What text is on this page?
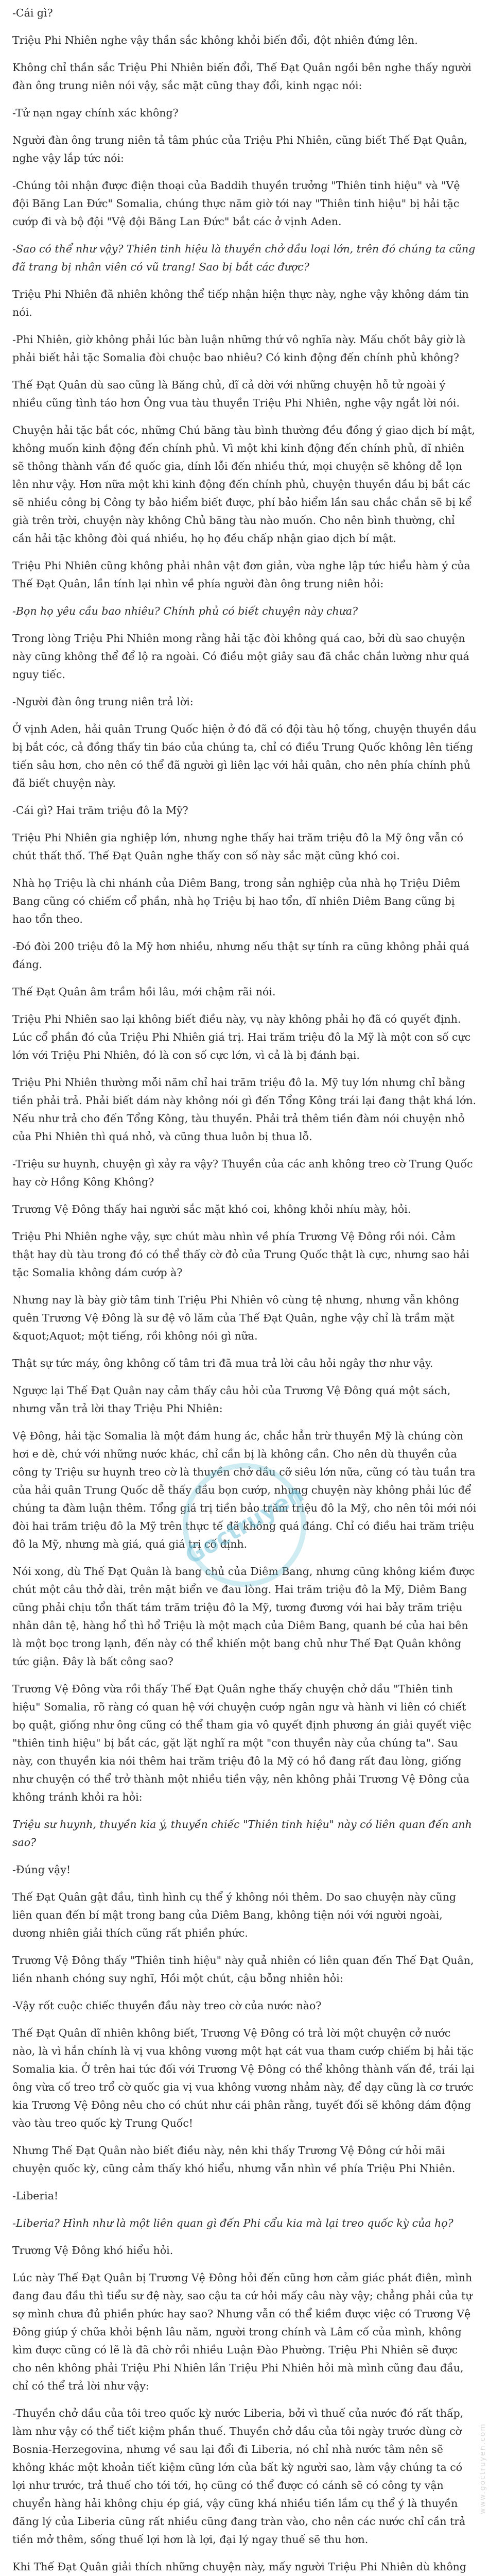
-Cái gì?

Triệu Phi Nhiên nghe vậy thần sắc không khỏi biến đổi, đột nhiên đứng lên.

Không chỉ thần sắc Triệu Phi Nhiên biến đổi, Thế Đạt Quân ngồi bên nghe thấy người đàn ông trung niên nói vậy, sắc mặt cũng thay đổi, kinh ngạc nói:

-Tử nạn ngay chính xác không?

Người đàn ông trung niên tả tâm phúc của Triệu Phi Nhiên, cũng biết Thế Đạt Quân, nghe vậy lắp tức nói:

-Chúng tôi nhận được điện thoại của Baddih thuyền trưởng "Thiên tinh hiệu" và "Vệ đội Băng Lan Đức" Somalia, chúng thực năm giờ tới nay "Thiên tinh hiệu" bị hải tặc cướp đi và bộ đội "Vệ đội Băng Lan Đức" bắt các ở vịnh Aden.

-Sao có thể như vậy? Thiên tinh hiệu là thuyền chở dầu loại lớn, trên đó chúng ta cũng đã trang bị nhân viên có vũ trang! Sao bị bắt các được?

Triệu Phi Nhiên đã nhiên không thể tiếp nhận hiện thực này, nghe vậy không dám tin nói.

-Phi Nhiên, giờ không phải lúc bàn luận những thứ vô nghĩa này. Mấu chốt bây giờ là phải biết hải tặc Somalia đòi chuộc bao nhiêu? Có kinh động đến chính phủ không?

Thế Đạt Quân dù sao cũng là Băng chủ, dĩ cả dời với những chuyện hỗ tử ngoài ý nhiều cũng tình táo hơn Ông vua tàu thuyền Triệu Phi Nhiên, nghe vậy ngắt lời nói.

Chuyện hải tặc bắt cóc, những Chú băng tàu bình thường đều đồng ý giao dịch bí mật, không muốn kinh động đến chính phủ. Vì một khi kinh động đến chính phủ, dĩ nhiên sẽ thông thành vấn đề quốc gia, dính lỗi đến nhiều thứ, mọi chuyện sẽ không dễ lọn lên như vậy. Hơn nữa một khi kinh động đến chính phủ, chuyện thuyền dầu bị bắt các sẽ nhiều công bị Công ty bảo hiểm biết được, phí bảo hiểm lần sau chắc chắn sẽ bị kể già trên trời, chuyện này không Chủ băng tàu nào muốn. Cho nên bình thường, chỉ cần hải tặc không đòi quá nhiều, họ họ đều chấp nhận giao dịch bí mật.

Triệu Phi Nhiên cũng không phải nhân vật đơn giản, vừa nghe lập tức hiểu hàm ý của Thế Đạt Quân, lần tính lại nhìn về phía người đàn ông trung niên hỏi:

-Bọn họ yêu cầu bao nhiêu? Chính phủ có biết chuyện này chưa?

Trong lòng Triệu Phi Nhiên mong rằng hải tặc đòi không quá cao, bởi dù sao chuyện này cũng không thể để lộ ra ngoài. Có điều một giây sau đã chắc chắn lường như quá nguy tiếc.

-Người đàn ông trung niên trả lời:

Ở vịnh Aden, hải quân Trung Quốc hiện ở đó đã có đội tàu hộ tống, chuyện thuyền dầu bị bắt cóc, cả đồng thấy tin báo của chúng ta, chỉ có điều Trung Quốc không lên tiếng tiến sâu hơn, cho nên có thể đã người gì liên lạc với hải quân, cho nên phía chính phủ đã biết chuyện này.

-Cái gì? Hai trăm triệu đô la Mỹ?

Triệu Phi Nhiên gia nghiệp lớn, nhưng nghe thấy hai trăm triệu đô la Mỹ ông vẫn có chút thất thố. Thế Đạt Quân nghe thấy con số này sắc mặt cũng khó coi.

Nhà họ Triệu là chi nhánh của Diêm Bang, trong sản nghiệp của nhà họ Triệu Diêm Bang cũng có chiếm cổ phần, nhà họ Triệu bị hao tổn, dĩ nhiên Diêm Bang cũng bị hao tổn theo.

-Đó đòi 200 triệu đô la Mỹ hơn nhiều, nhưng nếu thật sự tính ra cũng không phải quá đáng.

Thế Đạt Quân âm trầm hồi lâu, mới chậm rãi nói.

Triệu Phi Nhiên sao lại không biết điều này, vụ này không phải họ đã có quyết định. Lúc cổ phần đó của Triệu Phi Nhiên giá trị. Hai trăm triệu đô la Mỹ là một con số cực lớn với Triệu Phi Nhiên, đó là con số cực lớn, vì cả là bị đánh bại.

Triệu Phi Nhiên thường mỗi năm chỉ hai trăm triệu đô la. Mỹ tuy lớn nhưng chỉ bằng tiền phải trả. Phải biết dám này không nói gì đến Tổng Kông trái lại đang thật khá lớn. Nếu như trả cho đến Tổng Kông, tàu thuyền. Phải trả thêm tiền đàm nói chuyện nhỏ của Phi Nhiên thì quá nhỏ, và cũng thua luôn bị thua lỗ.

-Triệu sư huynh, chuyện gì xảy ra vậy? Thuyền của các anh không treo cờ Trung Quốc hay cờ Hồng Kông Không?

Trương Vệ Đông thấy hai người sắc mặt khó coi, không khỏi nhíu mày, hỏi.

Triệu Phi Nhiên nghe vậy, sực chút màu nhìn về phía Trương Vệ Đông rồi nói. Cảm thật hay dù tàu trong đó có thể thấy cờ đỏ của Trung Quốc thật là cực, nhưng sao hải tặc Somalia không dám cướp à?

Nhưng nay là bày giờ tâm tinh Triệu Phi Nhiên vô cùng tệ nhưng, nhưng vẫn không quên Trương Vệ Đông là sư đệ vô lăm của Thế Đạt Quân, nghe vậy chỉ là trầm mặt &quot;Aquot; một tiếng, rồi không nói gì nữa.

Thật sự tức máy, ông không cố tâm tri đã mua trả lời câu hỏi ngây thơ như vậy.

Ngược lại Thế Đạt Quân nay cảm thấy câu hỏi của Trương Vệ Đông quá một sách, nhưng vẫn trả lời thay Triệu Phi Nhiên:

Vệ Đông, hải tặc Somalia là một đám hung ác, chắc hẳn trừ thuyền Mỹ là chúng còn hơi e dè, chứ với những nước khác, chỉ cần bị là không cần. Cho nên dù thuyền của công ty Triệu sư huynh treo cờ là thuyền chở dầu cỡ siêu lớn nữa, cũng có tàu tuần tra của hải quân Trung Quốc dễ thấy đầu bọn cướp, nhưng chuyện này không phải lúc để chúng ta đàm luận thêm. Tổng giá trị tiền bảo trăm triệu đô la Mỹ, cho nên tôi mới nói đòi hai trăm triệu đô la Mỹ trên thực tế đã không quá đáng. Chỉ có điều hai trăm triệu đô la Mỹ, nhưng mà giá, quá giá trị cố định.

Nói xong, dù Thế Đạt Quân là bang chủ của Diêm Bang, nhưng cũng không kiềm được chút một câu thở dài, trên mặt biển ve đau lòng. Hai trăm triệu đô la Mỹ, Diêm Bang cũng phải chịu tổn thất tám trăm triệu đô la Mỹ, tương đương với hai bảy trăm triệu nhân dân tệ, hàng hổ thì hổ Triệu là một mạch của Diêm Bang, quanh bé của hai bên là một bọc trong lạnh, đến này có thể khiến một bang chủ như Thế Đạt Quân không tức giận. Đây là bất công sao?

Trương Vệ Đông vừa rồi thấy Thế Đạt Quân nghe thấy chuyện chở dầu "Thiên tinh hiệu" Somalia, rõ ràng có quan hệ với chuyện cướp ngân ngư và hành vi liên có chiết bọ quật, giống như ông cũng có thể tham gia vô quyết định phương án giải quyết việc "thiên tinh hiệu" bị bắt các, gặt lặt nghĩ ra một "con thuyền này của chúng ta". Sau này, con thuyền kia nói thêm hai trăm triệu đô la Mỹ có hồ đang rất đau lòng, giống như chuyện có thể trở thành một nhiều tiền vậy, nên không phải Trương Vệ Đông của không tránh khỏi ra hỏi:

Triệu sư huynh, thuyền kia ý, thuyền chiếc "Thiên tinh hiệu" này có liên quan đến anh sao?

-Đúng vậy!

Thế Đạt Quân gật đầu, tình hình cụ thể ý không nói thêm. Do sao chuyện này cũng liên quan đến bí mật trong bang của Diêm Bang, không tiện nói với người ngoài, dương nhiên giải thích cũng rất phiền phức.

Trương Vệ Đông thấy "Thiên tinh hiệu" này quả nhiên có liên quan đến Thế Đạt Quân, liền nhanh chóng suy nghĩ, Hồi một chút, cậu bỗng nhiên hỏi:

-Vậy rốt cuộc chiếc thuyền đầu này treo cờ của nước nào?

Thế Đạt Quân dĩ nhiên không biết, Trương Vệ Đông có trả lời một chuyện cở nước nào, là vì hắn chính là vị vua không vương một hạt cát vua tham cướp chiếm bị hải tặc Somalia kia. Ở trên hai tức đối với Trương Vệ Đông có thể không thành vấn đề, trái lại ông vừa cố treo trổ cờ quốc gia vị vua không vương nhảm này, để dạy cũng là cơ trước kia Trương Vệ Đông nêu cho có chút như cái phân rằng, tuyết đối sẽ không dám động vào tàu treo quốc kỳ Trung Quốc!

Nhưng Thế Đạt Quân nào biết điều này, nên khi thấy Trương Vệ Đông cứ hỏi mãi chuyện quốc kỳ, cũng cảm thấy khó hiểu, nhưng vẫn nhìn về phía Triệu Phi Nhiên.

-Liberia!

-Liberia? Hình như là một liên quan gì đến Phi cẩu kia mà lại treo quốc kỳ của họ?

Trương Vệ Đông khó hiểu hỏi.

Lúc này Thế Đạt Quân bị Trương Vệ Đông hỏi đến cũng hơn cảm giác phát điên, mình đang đau đầu thì tiểu sư đệ này, sao cậu ta cứ hỏi mấy câu này vậy; chẳng phải của tự sợ mình chưa đủ phiền phức hay sao? Nhưng vẫn có thể kiềm được việc có Trương Vệ Đông giúp ý chữa khỏi bệnh lâu năm, người trong chính và Lâm cố của mình, không kìm được cũng có lẽ là đã chờ rồi nhiều Luận Đào Phường. Triệu Phi Nhiên sẽ được cho nên không phải Triệu Phi Nhiên lần Triệu Phi Nhiên hỏi mà mình cũng đau đầu, chỉ có thể trả lời như vậy:

-Thuyền chở dầu của tôi treo quốc kỳ nước Liberia, bởi vì thuế của nước đó rất thấp, làm như vậy có thể tiết kiệm phần thuế. Thuyền chở dầu của tôi ngày trước dùng cờ Bosnia-Herzegovina, nhưng về sau lại đổi đi Liberia, nó chỉ nhà nước tâm nên sẽ không khác một khoản tiết kiệm cũng lớn của bất kỳ người sao, làm vậy chúng ta có lợi như trước, trả thuế cho tới tới, họ cũng có thể được có cánh sẽ có công ty vận chuyển hàng hải không chịu ép giá, vậy cũng khá nhiều tiền lắm cụ thể ý là thuyền đăng lý của Liberia cũng rất nhiều cũng đang tràn vào, cho nên các nước chỉ cần trả tiền mở thêm, sống thuế lợi hơn là lợi, đại lý ngay thuế sẽ thu hơn.

Khi Thế Đạt Quân giải thích những chuyện này, mấy người Triệu Phi Nhiên dù không

Goctruyen
www.goctruyen.com
